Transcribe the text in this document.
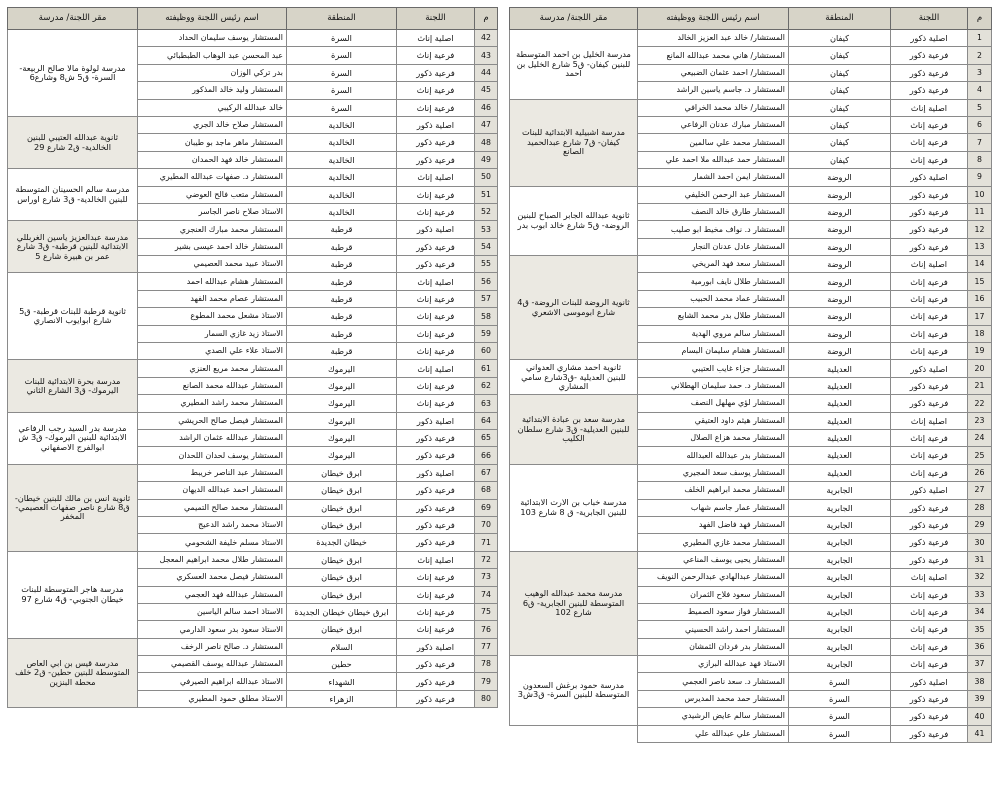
م	اللجنة	المنطقة	اسم رئيس اللجنة ووظيفته	مقر اللجنة/ مدرسة
1	اصلية ذكور	كيفان	المستشار/ خالد عبد العزيز الخالد	مدرسة الخليل بن احمد المتوسطة للبنين كيفان- ق5 شارع الخليل بن احمد
2	فرعية ذكور	كيفان	المستشار/ هاني محمد عبدالله المانع	
3	فرعية ذكور	كيفان	المستشار/ احمد عثمان الضبيعي	
4	فرعية ذكور	كيفان	المستشار د. جاسم ياسين الراشد	
5	اصلية إناث	كيفان	المستشار/ خالد محمد الخرافي	مدرسة اشبيلية الابتدائية للبنات كيفان- ق7 شارع عبدالحميد الصانع
6	فرعية إناث	كيفان	المستشار مبارك عدنان الرفاعي	
7	فرعية إناث	كيفان	المستشار محمد علي سالمين	
8	فرعية إناث	كيفان	المستشار حمد عبدالله ملا احمد علي	
9	اصلية ذكور	الروضة	المستشار ايمن احمد الشمار	
10	فرعية ذكور	الروضة	المستشار عبد الرحمن الخليفي	ثانوية عبدالله الجابر الصباح للبنين الروضة- ق5 شارع خالد ابوب بدر
11	فرعية ذكور	الروضة	المستشار طارق خالد النصف	
12	فرعية ذكور	الروضة	المستشار د. نواف مخيط ابو صليب	
13	فرعية ذكور	الروضة	المستشار عادل عدنان النجار	
14	اصلية إناث	الروضة	المستشار سعد فهد المريخي	ثانوية الروضة للبنات الروضة- ق4 شارع ابوموسى الاشعري
15	فرعية إناث	الروضة	المستشار طلال نايف ابورمية	
16	فرعية إناث	الروضة	المستشار عماد محمد الحبيب	
17	فرعية إناث	الروضة	المستشار طلال بدر محمد الشايع	
18	فرعية إناث	الروضة	المستشار سالم مروي الهدية	
19	فرعية إناث	الروضة	المستشار هشام سليمان البسام	
20	اصلية ذكور	العديلية	المستشار جزاء غايب العتيبي	ثانوية احمد مشاري العدواني للبنين العديلية -ق3شارع سامي المشاري
21	فرعية ذكور	العديلية	المستشار د. حمد سليمان الهطلاني	
22	فرعية ذكور	العديلية	المستشار لؤي مهلهل النصف	مدرسة سعد بن عبادة الابتدائية للبنين العديلية- ق3 شارع سلطان الكليب
23	اصلية إناث	العديلية	المستشار هيثم داود العتيقي	
24	فرعية إناث	العديلية	المستشار محمد هزاع الصلال	
25	فرعية إناث	العديلية	المستشار بدر عبدالله العبدالله	
26	فرعية إناث	العديلية	المستشار يوسف سعد المجيري	مدرسة خباب بن الارت الابتدائية للبنين الجابرية- ق 8 شارع 103
27	اصلية ذكور	الجابرية	المستشار محمد ابراهيم الخلف	
28	فرعية ذكور	الجابرية	المستشار عمار جاسم شهاب	
29	فرعية ذكور	الجابرية	المستشار فهد فاضل الفهد	
30	فرعية ذكور	الجابرية	المستشار محمد غازي المطيري	
31	فرعية ذكور	الجابرية	المستشار يحيى يوسف المناعي	مدرسة محمد عبدالله الوهيب المتوسطة للبنين الجابرية- ق6 شارع 102
32	اصلية إناث	الجابرية	المستشار عبدالهادي عبدالرحمن النويف	
33	فرعية إناث	الجابرية	المستشار سعود فلاح الثمران	
34	فرعية إناث	الجابرية	المستشار فواز سعود الصميط	
35	فرعية إناث	الجابرية	المستشار احمد راشد الحسيني	
36	فرعية إناث	الجابرية	المستشار بدر فردان الثمشان	
37	فرعية إناث	الجابرية	الاستاذ فهد عبدالله البرازي	مدرسة حمود برغش السعدون المتوسطة للبنين السرة- ق3ش3
38	اصلية ذكور	السرة	المستشار د. سعد ناصر العجمي	
39	فرعية ذكور	السرة	المستشار حمد محمد المديرس	
40	فرعية ذكور	السرة	المستشار سالم عايض الرشيدي	
41	فرعية ذكور	السرة	المستشار علي عبدالله علي	
م	اللجنة	المنطقة	اسم رئيس اللجنة ووظيفته	مقر اللجنة/ مدرسة
42	اصلية إناث	السرة	المستشار يوسف سليمان الحداد	مدرسة لولوة مالا صالح الربيعة- السرة- ق5 ش8 وشارع6
43	فرعية إناث	السرة	عبد المحسن عبد الوهاب الطبطبائي	
44	فرعية ذكور	السرة	بدر تركي الوزان	
45	فرعية إناث	السرة	المستشار وليد خالد المذكور	
46	فرعية إناث	السرة	خالد عبدالله الركيبي	
47	اصلية ذكور	الخالدية	المستشار صلاح خالد الجري	ثانوية عبدالله العتيبي للبنين الخالدية- ق2 شارع 29
48	فرعية ذكور	الخالدية	المستشار ماهر ماجد بو طيبان	
49	فرعية ذكور	الخالدية	المستشار خالد فهد الحمدان	
50	اصلية إناث	الخالدية	المستشار د. صفهات عبدالله المطيري	مدرسة سالم الحسينان المتوسطة للبنين الخالدية- ق3 شارع اوراس
51	فرعية إناث	الخالدية	المستشار متعب فالح العوضي	
52	فرعية إناث	الخالدية	الاستاذ صلاح ناصر الجاسر	
53	اصلية ذكور	قرطبة	المستشار محمد مبارك العنجري	مدرسة عبدالعزيز ياسين الغربللي الابتدائية للبنين قرطبة- ق3 شارع عمر بن هبيرة شارع 5
54	فرعية ذكور	قرطبة	المستشار خالد احمد عيسى بشير	
55	فرعية ذكور	قرطبة	الاستاذ عبيد محمد العصيمي	
56	اصلية إناث	قرطبة	المستشار هشام عبدالله احمد	ثانوية قرطبة للبنات قرطبة- ق5 شارع ابوايوب الانصاري
57	فرعية إناث	قرطبة	المستشار عصام محمد الفهد	
58	فرعية إناث	قرطبة	الاستاذ مشعل محمد المطوع	
59	فرعية إناث	قرطبة	الاستاذ زيد غازي السمار	
60	فرعية إناث	قرطبة	الاستاذ علاء علي الصدي	
61	اصلية إناث	اليرموك	المستشار محمد مريع العنزي	مدرسة بحرة الابتدائية للبنات اليرموك- ق3 الشارع الثاني
62	فرعية إناث	اليرموك	المستشار عبدالله محمد الصانع	
63	فرعية إناث	اليرموك	المستشار محمد راشد المطيري	
64	اصلية ذكور	اليرموك	المستشار فيصل صالح الحريشي	مدرسة بدر السيد رجب الرفاعي الابتدائية للبنين اليرموك- ق3 ش ابوالفرج الاصفهاني
65	فرعية ذكور	اليرموك	المستشار عبدالله عثمان الراشد	
66	فرعية ذكور	اليرموك	المستشار يوسف لحدان اللحدان	
67	اصلية ذكور	ابرق خيطان	المستشار عبد الناصر خريبط	ثانوية انس بن مالك للبنين خيطان- ق8 شارع ناصر صفهات العصيمي- المخفر
68	فرعية ذكور	ابرق خيطان	المستشار احمد عبدالله الديهان	
69	فرعية ذكور	ابرق خيطان	المستشار محمد صالح التميمي	
70	فرعية ذكور	ابرق خيطان	الاستاذ محمد راشد الدعيج	
71	فرعية ذكور	خيطان الجديدة	الاستاذ مسلم خليفة الشحومي	
72	اصلية إناث	ابرق خيطان	المستشار طلال محمد ابراهيم المعجل	مدرسة هاجر المتوسطة للبنات خيطان الجنوبي- ق4 شارع 97
73	فرعية إناث	ابرق خيطان	المستشار فيصل محمد العسكري	
74	فرعية إناث	ابرق خيطان	المستشار عبدالله فهد العجمي	
75	فرعية إناث	ابرق خيطان خيطان الجديدة	الاستاذ احمد سالم الياسين	
76	فرعية إناث	ابرق خيطان	الاستاذ سعود بدر سعود الدارمي	
77	اصلية ذكور	السلام	المستشار د. صالح ناصر الرخف	مدرسة قيس بن ابي العاص المتوسطة للبنين حطين- ق2 خلف محطة البنزين
78	فرعية ذكور	حطين	المستشار عبدالله يوسف القصيمي	
79	فرعية ذكور	الشهداء	الاستاذ عبدالله ابراهيم الصيرفي	
80	فرعية ذكور	الزهراء	الاستاذ مطلق حمود المطيري	
